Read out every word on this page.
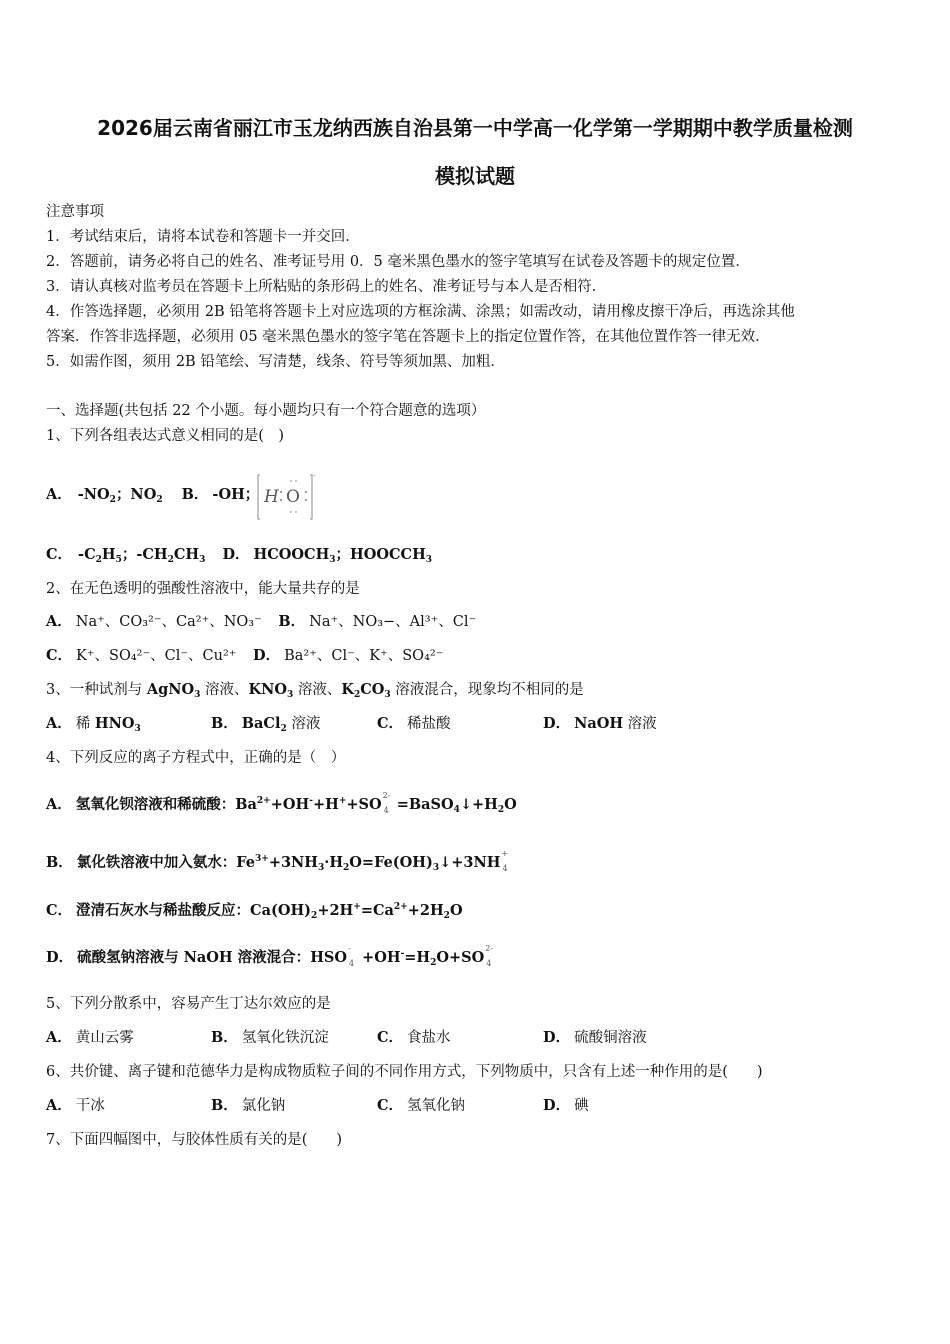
2026届云南省丽江市玉龙纳西族自治县第一中学高一化学第一学期期中教学质量检测
模拟试题
注意事项
1．考试结束后，请将本试卷和答题卡一并交回．
2．答题前，请务必将自己的姓名、准考证号用 0．5 毫米黑色墨水的签字笔填写在试卷及答题卡的规定位置．
3．请认真核对监考员在答题卡上所粘贴的条形码上的姓名、准考证号与本人是否相符．
4．作答选择题，必须用 2B 铅笔将答题卡上对应选项的方框涂满、涂黑；如需改动，请用橡皮擦干净后，再选涂其他
答案．作答非选择题，必须用 05 毫米黑色墨水的签字笔在答题卡上的指定位置作答，在其他位置作答一律无效．
5．如需作图，须用 2B 铅笔绘、写清楚，线条、符号等须加黑、加粗．
一、选择题(共包括 22 个小题。每小题均只有一个符合题意的选项）
1、下列各组表达式意义相同的是(　)
A． $-NO_2$；$NO_2$ B． -OH； H O
-
C． $-C_2H_5$；$-CH_2CH_3$ D． $HCOOCH_3$；$HOOCCH_3$
2、在无色透明的强酸性溶液中，能大量共存的是
A． Na⁺、CO₃²⁻、Ca²⁺、NO₃⁻ B． Na⁺、NO₃−、Al³⁺、Cl⁻
C． K⁺、SO₄²⁻、Cl⁻、Cu²⁺ D． Ba²⁺、Cl⁻、K⁺、SO₄²⁻
3、一种试剂与 AgNO$_3$ 溶液、$KNO_3$ 溶液、$K_2CO_3$ 溶液混合，现象均不相同的是
A． 稀 $HNO_3$	B． BaCl$_2$ 溶液	C． 稀盐酸	D． NaOH 溶液
4、下列反应的离子方程式中，正确的是（　）
A． 氢氧化钡溶液和稀硫酸：$Ba^{2+}+OH^-+H^++SO$
2-
$4 =BaSO_4↓+H_2O$
B． 氯化铁溶液中加入氨水：$Fe^{3+}+3NH_3\cdot H_2O=Fe(OH)_3↓+3NH$
+
4
C． 澄清石灰水与稀盐酸反应：$Ca(OH)_2+2H^+=Ca^{2+}+2H_2O$
D． 硫酸氢钠溶液与 NaOH 溶液混合：HSO
-
$4 +OH^-=H_2O+SO$
2-
4
5、下列分散系中，容易产生丁达尔效应的是
A． 黄山云雾	B． 氢氧化铁沉淀	C． 食盐水	D． 硫酸铜溶液
6、共价键、离子键和范德华力是构成物质粒子间的不同作用方式，下列物质中，只含有上述一种作用的是(　　)
A． 干冰	B． 氯化钠	C． 氢氧化钠	D． 碘
7、下面四幅图中，与胶体性质有关的是(　　)
